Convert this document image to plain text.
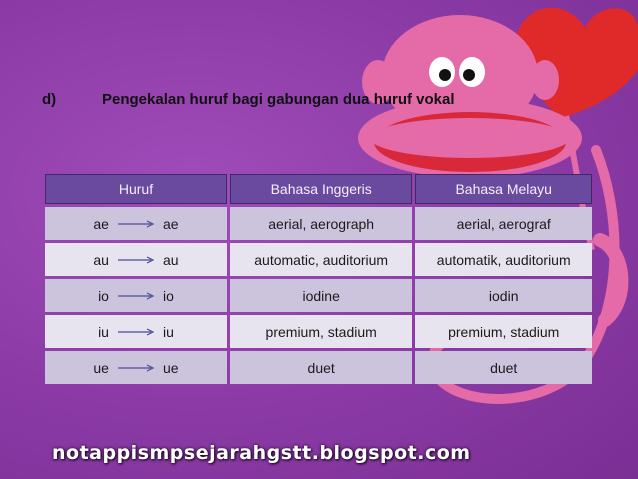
d)	Pengekalan huruf bagi gabungan dua huruf vokal
Huruf	Bahasa Inggeris	Bahasa Melayu

ae ae	aerial, aerograph	aerial, aerograf

au au	automatic, auditorium	automatik, auditorium

io io	iodine	iodin

iu iu	premium, stadium	premium, stadium

ue ue	duet	duet
notappismpsejarahgstt.blogspot.com
